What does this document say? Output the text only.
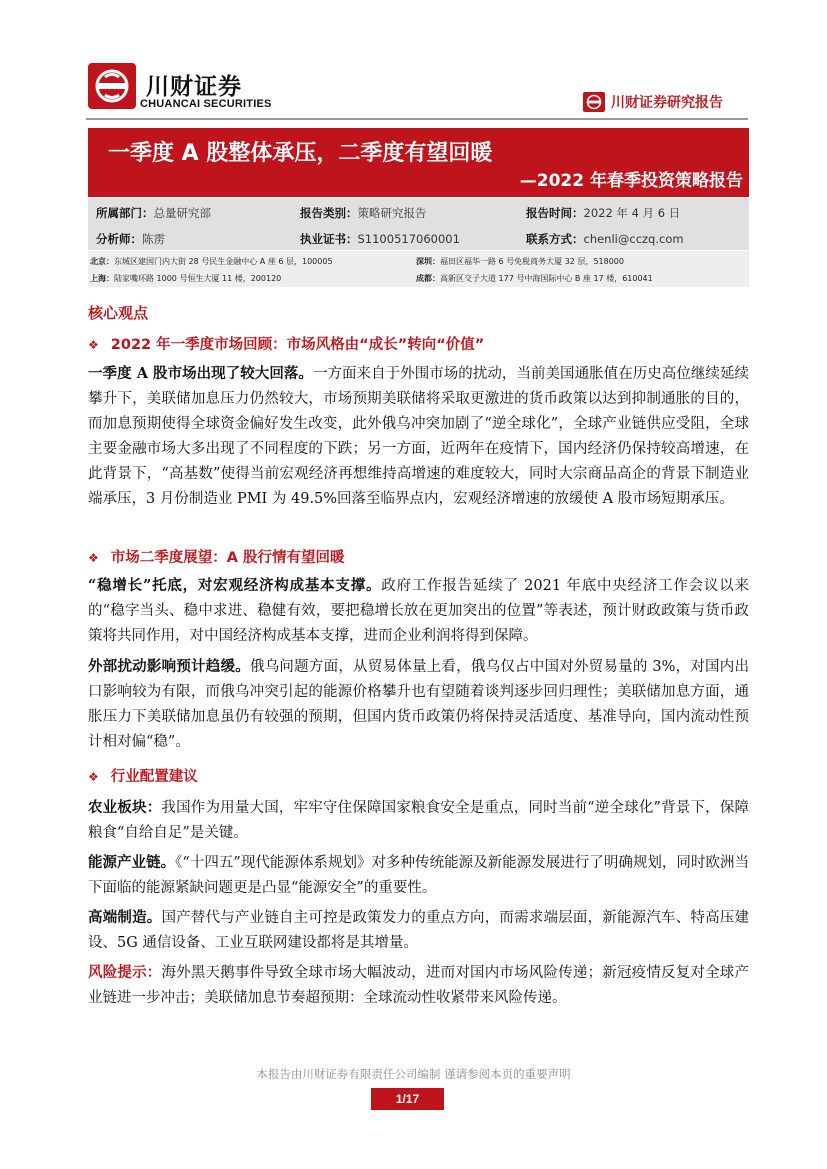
川财证券
CHUANCAI SECURITIES	川财证券研究报告
一季度 A 股整体承压，二季度有望回暖
—2022 年春季投资策略报告
所属部门：总量研究部	报告类别：策略研究报告	报告时间：2022 年 4 月 6 日
分析师：陈雳	执业证书：S1100517060001	联系方式：chenli@cczq.com
北京：东城区建国门内大街 28 号民生金融中心 A 座 6 层，100005	深圳：福田区福华一路 6 号免税商务大厦 32 层，518000
上海：陆家嘴环路 1000 号恒生大厦 11 楼，200120	成都：高新区交子大道 177 号中海国际中心 B 座 17 楼，610041
核心观点
❖ 2022 年一季度市场回顾：市场风格由“成长”转向“价值”

一季度 A 股市场出现了较大回落。一方面来自于外围市场的扰动，当前美国通胀值在历史高位继续延续攀升下，美联储加息压力仍然较大，市场预期美联储将采取更激进的货币政策以达到抑制通胀的目的，而加息预期使得全球资金偏好发生改变，此外俄乌冲突加剧了“逆全球化”，全球产业链供应受阻，全球主要金融市场大多出现了不同程度的下跌；另一方面，近两年在疫情下，国内经济仍保持较高增速，在此背景下，“高基数”使得当前宏观经济再想维持高增速的难度较大，同时大宗商品高企的背景下制造业端承压，3 月份制造业 PMI 为 49.5%回落至临界点内，宏观经济增速的放缓使 A 股市场短期承压。

❖ 市场二季度展望：A 股行情有望回暖

“稳增长”托底，对宏观经济构成基本支撑。政府工作报告延续了 2021 年底中央经济工作会议以来的“稳字当头、稳中求进、稳健有效，要把稳增长放在更加突出的位置”等表述，预计财政政策与货币政策将共同作用，对中国经济构成基本支撑，进而企业利润将得到保障。

外部扰动影响预计趋缓。俄乌问题方面，从贸易体量上看，俄乌仅占中国对外贸易量的 3%，对国内出口影响较为有限，而俄乌冲突引起的能源价格攀升也有望随着谈判逐步回归理性；美联储加息方面，通胀压力下美联储加息虽仍有较强的预期，但国内货币政策仍将保持灵活适度、基准导向，国内流动性预计相对偏“稳”。

❖ 行业配置建议

农业板块：我国作为用量大国，牢牢守住保障国家粮食安全是重点，同时当前“逆全球化”背景下，保障粮食“自给自足”是关键。

能源产业链。《“十四五”现代能源体系规划》对多种传统能源及新能源发展进行了明确规划，同时欧洲当下面临的能源紧缺问题更是凸显“能源安全”的重要性。

高端制造。国产替代与产业链自主可控是政策发力的重点方向，而需求端层面，新能源汽车、特高压建设、5G 通信设备、工业互联网建设都将是其增量。

风险提示：海外黑天鹅事件导致全球市场大幅波动，进而对国内市场风险传递；新冠疫情反复对全球产业链进一步冲击；美联储加息节奏超预期：全球流动性收紧带来风险传递。

本报告由川财证券有限责任公司编制 谨请参阅本页的重要声明
1/17
